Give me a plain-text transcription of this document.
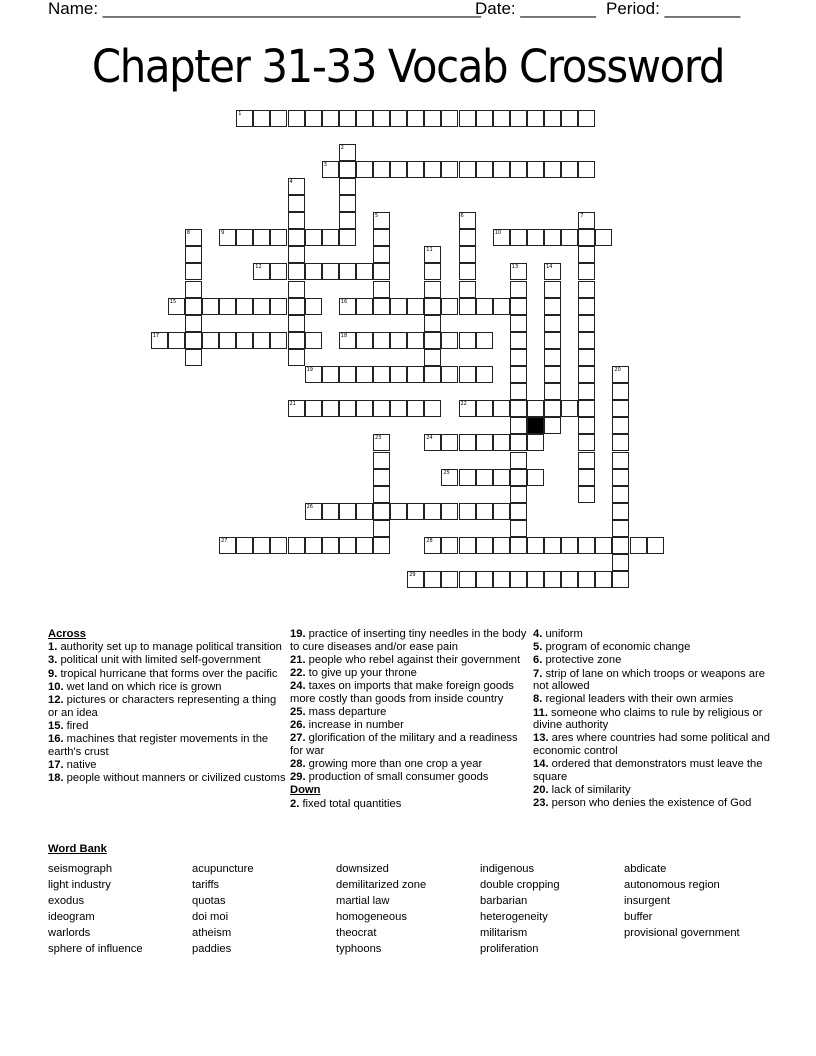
Name: ________________________________________
Date: ________ Period: ________
Chapter 31-33 Vocab Crossword
1
2
3
4
5	6	7
8	9	10
11
12	13	14
15	16
17	18
19	20
21	22
23	24
25
26
27	28
29
Across
1. authority set up to manage political transition
3. political unit with limited self-government
9. tropical hurricane that forms over the pacific
10. wet land on which rice is grown
12. pictures or characters representing a thing or an idea
15. fired
16. machines that register movements in the earth's crust
17. native
18. people without manners or civilized customs
19. practice of inserting tiny needles in the body to cure diseases and/or ease pain
21. people who rebel against their government
22. to give up your throne
24. taxes on imports that make foreign goods more costly than goods from inside country
25. mass departure
26. increase in number
27. glorification of the military and a readiness for war
28. growing more than one crop a year
29. production of small consumer goods
Down
2. fixed total quantities
4. uniform
5. program of economic change
6. protective zone
7. strip of lane on which troops or weapons are not allowed
8. regional leaders with their own armies
11. someone who claims to rule by religious or divine authority
13. ares where countries had some political and economic control
14. ordered that demonstrators must leave the square
20. lack of similarity
23. person who denies the existence of God
Word Bank
seismograph
light industry
exodus
ideogram
warlords
sphere of influence
acupuncture
tariffs
quotas
doi moi
atheism
paddies
downsized
demilitarized zone
martial law
homogeneous
theocrat
typhoons
indigenous
double cropping
barbarian
heterogeneity
militarism
proliferation
abdicate
autonomous region
insurgent
buffer
provisional government
